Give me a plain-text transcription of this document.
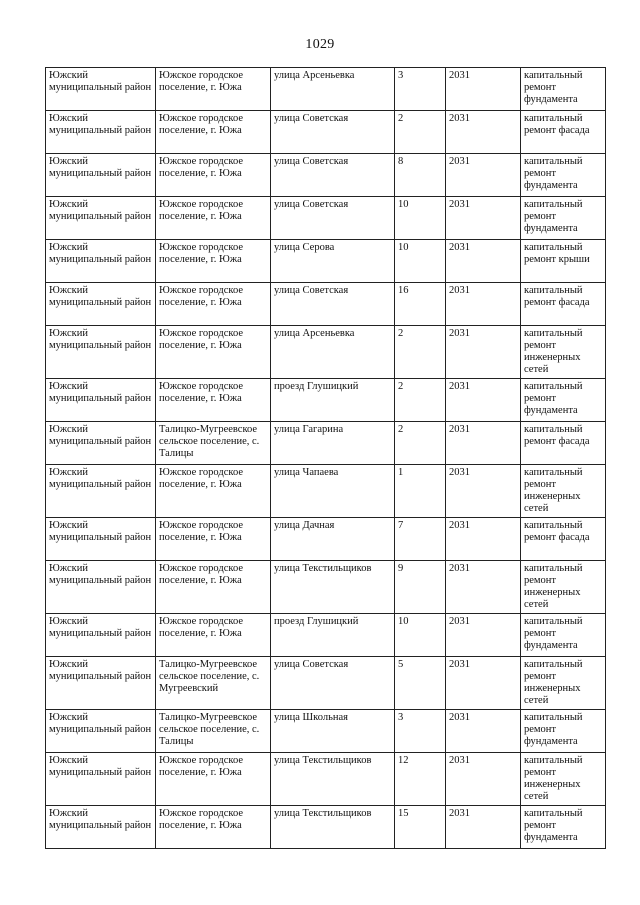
1029
Южский муниципальный район	Южское городское поселение, г. Южа	улица Арсеньевка	3	2031	капитальный ремонт фундамента
Южский муниципальный район	Южское городское поселение, г. Южа	улица Советская	2	2031	капитальный ремонт фасада
Южский муниципальный район	Южское городское поселение, г. Южа	улица Советская	8	2031	капитальный ремонт фундамента
Южский муниципальный район	Южское городское поселение, г. Южа	улица Советская	10	2031	капитальный ремонт фундамента
Южский муниципальный район	Южское городское поселение, г. Южа	улица Серова	10	2031	капитальный ремонт крыши
Южский муниципальный район	Южское городское поселение, г. Южа	улица Советская	16	2031	капитальный ремонт фасада
Южский муниципальный район	Южское городское поселение, г. Южа	улица Арсеньевка	2	2031	капитальный ремонт инженерных сетей
Южский муниципальный район	Южское городское поселение, г. Южа	проезд Глушицкий	2	2031	капитальный ремонт фундамента
Южский муниципальный район	Талицко-Мугреевское сельское поселение, с. Талицы	улица Гагарина	2	2031	капитальный ремонт фасада
Южский муниципальный район	Южское городское поселение, г. Южа	улица Чапаева	1	2031	капитальный ремонт инженерных сетей
Южский муниципальный район	Южское городское поселение, г. Южа	улица Дачная	7	2031	капитальный ремонт фасада
Южский муниципальный район	Южское городское поселение, г. Южа	улица Текстильщиков	9	2031	капитальный ремонт инженерных сетей
Южский муниципальный район	Южское городское поселение, г. Южа	проезд Глушицкий	10	2031	капитальный ремонт фундамента
Южский муниципальный район	Талицко-Мугреевское сельское поселение, с. Мугреевский	улица Советская	5	2031	капитальный ремонт инженерных сетей
Южский муниципальный район	Талицко-Мугреевское сельское поселение, с. Талицы	улица Школьная	3	2031	капитальный ремонт фундамента
Южский муниципальный район	Южское городское поселение, г. Южа	улица Текстильщиков	12	2031	капитальный ремонт инженерных сетей
Южский муниципальный район	Южское городское поселение, г. Южа	улица Текстильщиков	15	2031	капитальный ремонт фундамента
